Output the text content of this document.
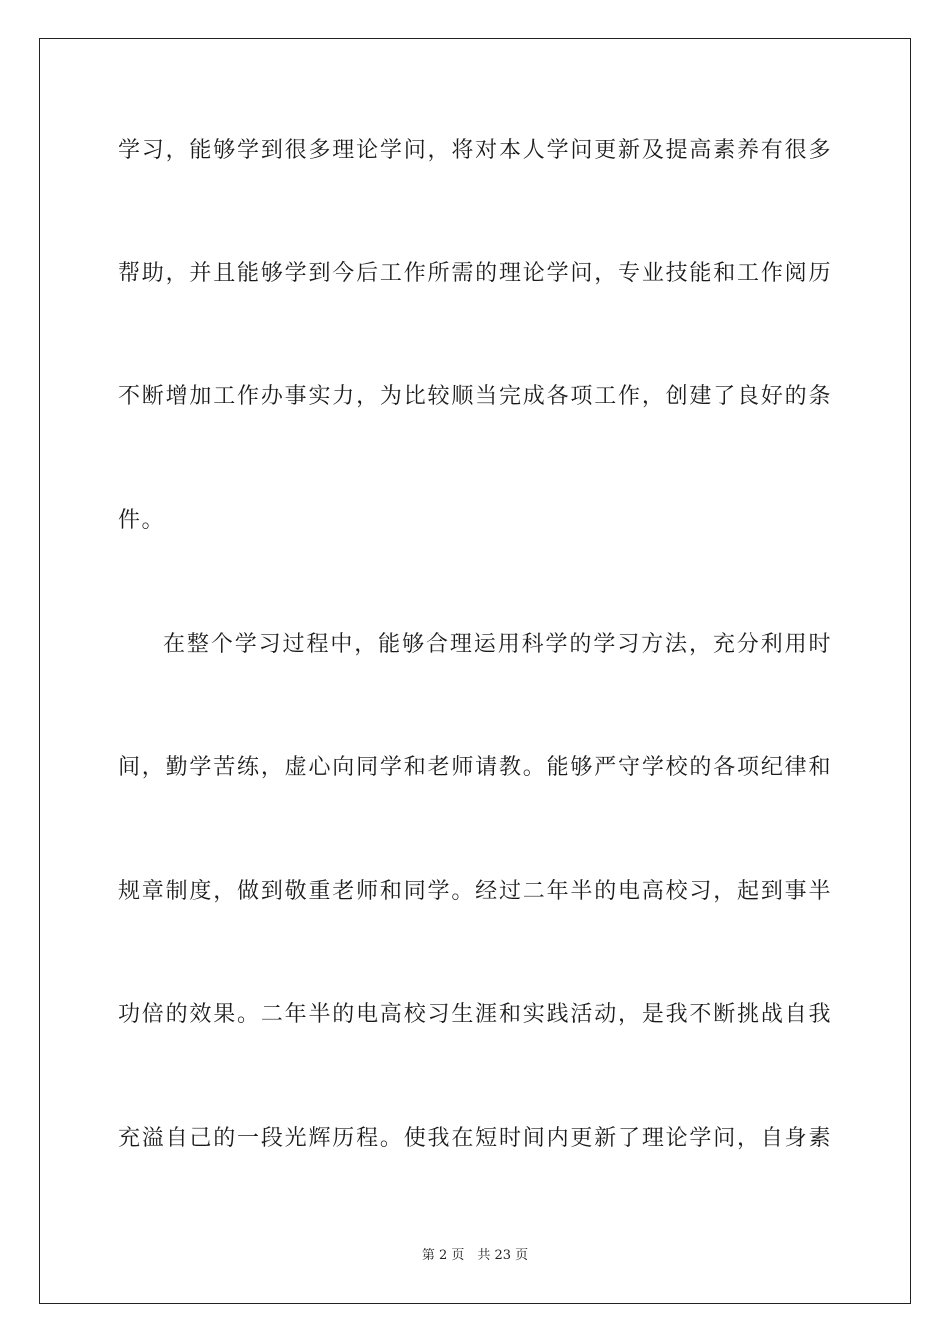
学习，能够学到很多理论学问，将对本人学问更新及提高素养有很多
帮助，并且能够学到今后工作所需的理论学问，专业技能和工作阅历
不断增加工作办事实力，为比较顺当完成各项工作，创建了良好的条
件。
在整个学习过程中，能够合理运用科学的学习方法，充分利用时
间，勤学苦练，虚心向同学和老师请教。能够严守学校的各项纪律和
规章制度，做到敬重老师和同学。经过二年半的电高校习，起到事半
功倍的效果。二年半的电高校习生涯和实践活动，是我不断挑战自我
充溢自己的一段光辉历程。使我在短时间内更新了理论学问，自身素
第 2 页　共 23 页
